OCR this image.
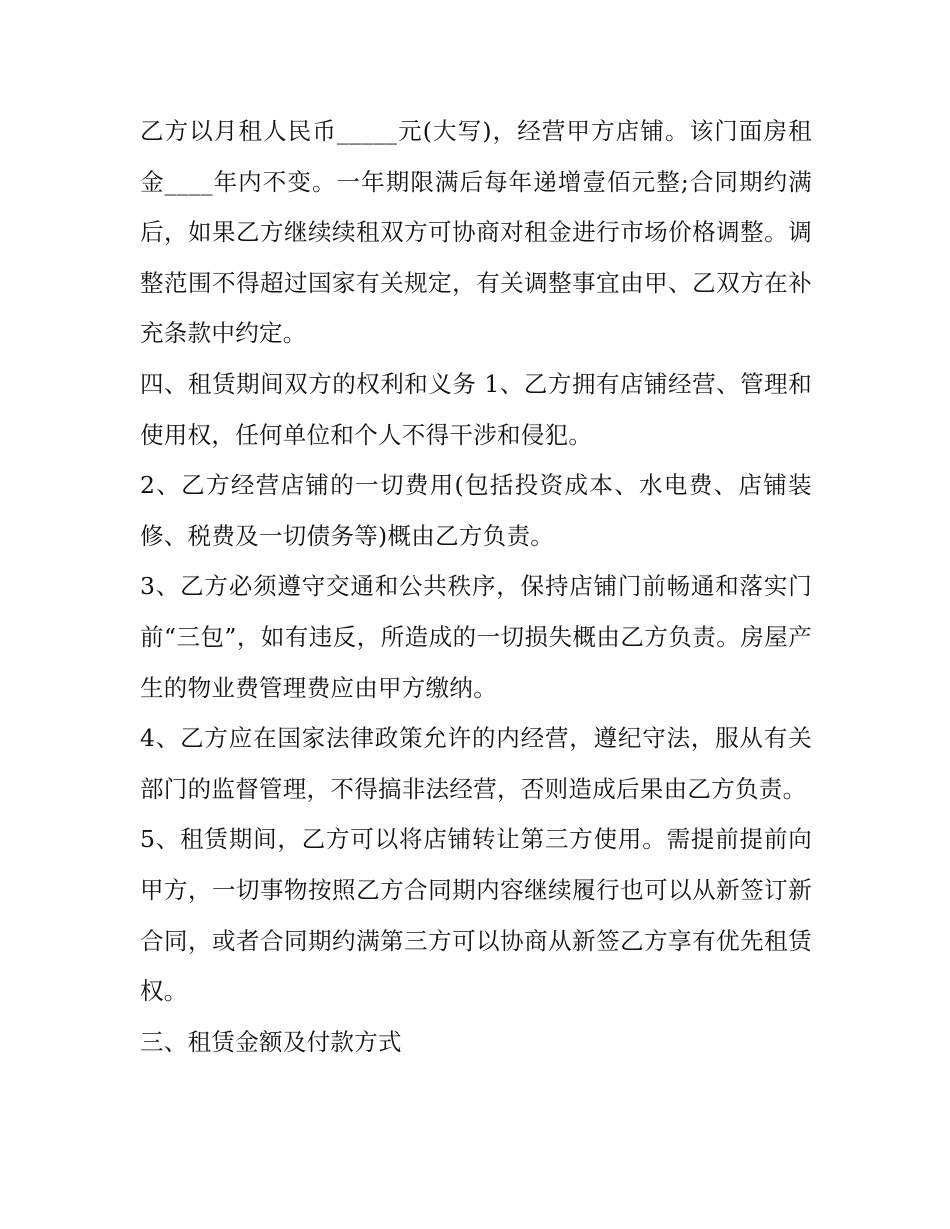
乙方以月租人民币_____元(大写)，经营甲方店铺。该门面房租金____年内不变。一年期限满后每年递增壹佰元整;合同期约满后，如果乙方继续续租双方可协商对租金进行市场价格调整。调整范围不得超过国家有关规定，有关调整事宜由甲、乙双方在补充条款中约定。

四、租赁期间双方的权利和义务 1、乙方拥有店铺经营、管理和使用权，任何单位和个人不得干涉和侵犯。

2、乙方经营店铺的一切费用(包括投资成本、水电费、店铺装修、税费及一切债务等)概由乙方负责。

3、乙方必须遵守交通和公共秩序，保持店铺门前畅通和落实门前“三包”，如有违反，所造成的一切损失概由乙方负责。房屋产生的物业费管理费应由甲方缴纳。

4、乙方应在国家法律政策允许的内经营，遵纪守法，服从有关部门的监督管理，不得搞非法经营，否则造成后果由乙方负责。

5、租赁期间，乙方可以将店铺转让第三方使用。需提前提前向甲方，一切事物按照乙方合同期内容继续履行也可以从新签订新合同，或者合同期约满第三方可以协商从新签乙方享有优先租赁权。

三、租赁金额及付款方式
